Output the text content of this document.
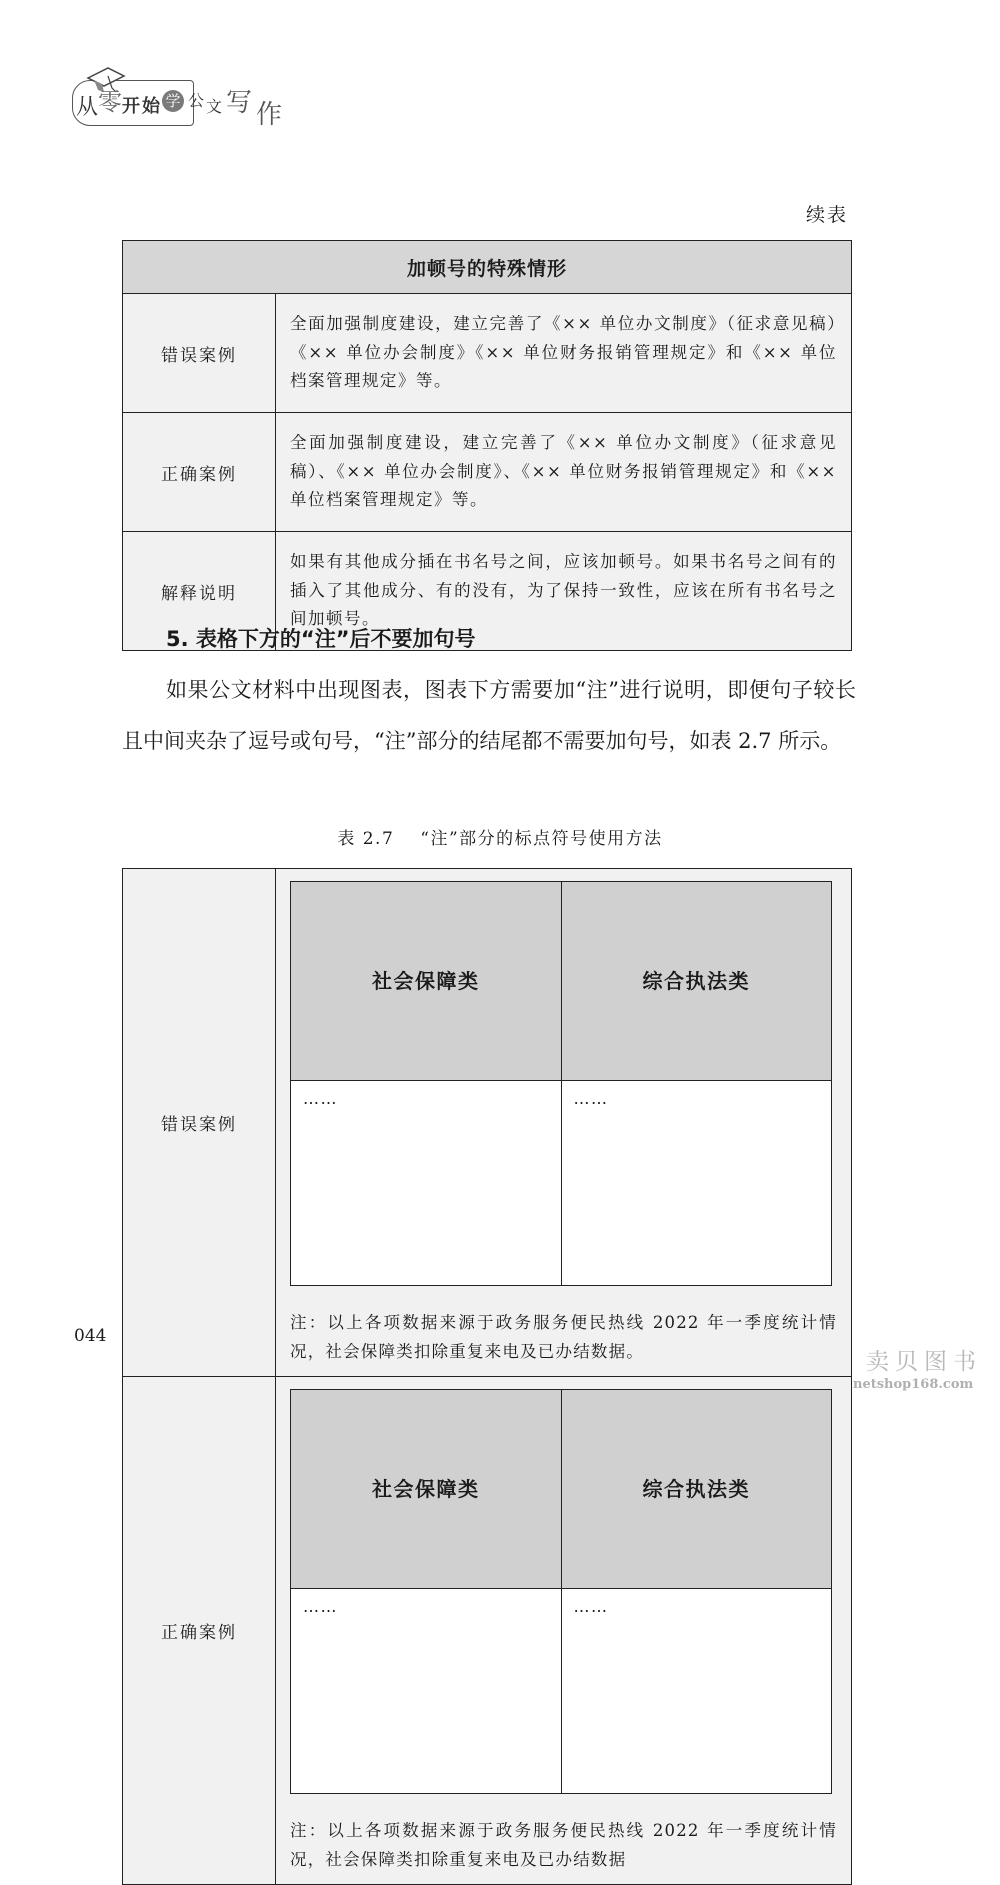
从 零 开 始 学 公 文 写 作
续表
加顿号的特殊情形	
错误案例	全面加强制度建设，建立完善了《×× 单位办文制度》（征求意见稿）《×× 单位办会制度》《×× 单位财务报销管理规定》和《×× 单位档案管理规定》等。

正确案例	全面加强制度建设，建立完善了《×× 单位办文制度》（征求意见稿）、《×× 单位办会制度》、《×× 单位财务报销管理规定》和《×× 单位档案管理规定》等。

解释说明	如果有其他成分插在书名号之间，应该加顿号。如果书名号之间有的插入了其他成分、有的没有，为了保持一致性，应该在所有书名号之间加顿号。

5. 表格下方的“注”后不要加句号
如果公文材料中出现图表，图表下方需要加“注”进行说明，即便句子较长且中间夹杂了逗号或句号，“注”部分的结尾都不需要加句号，如表 2.7 所示。
表 2.7 “注”部分的标点符号使用方法
错误案例	
社会保障类	综合执法类
……	……
注：以上各项数据来源于政务服务便民热线 2022 年一季度统计情况，社会保障类扣除重复来电及已办结数据。

正确案例	
社会保障类	综合执法类
……	……
注：以上各项数据来源于政务服务便民热线 2022 年一季度统计情况，社会保障类扣除重复来电及已办结数据
044
卖贝图书
netshop168.com
